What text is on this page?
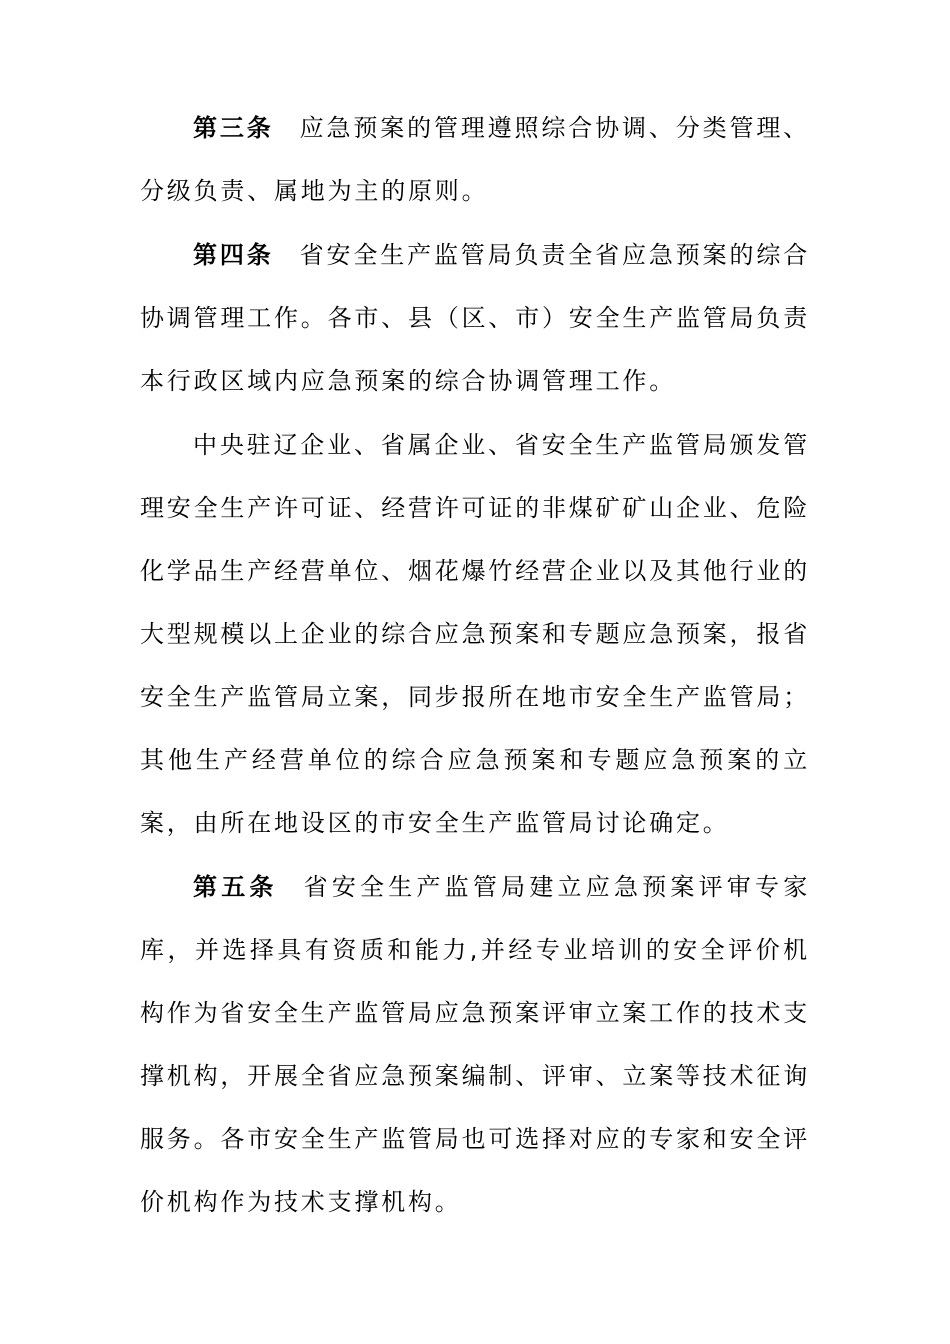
第三条 应急预案的管理遵照综合协调、分类管理、分级负责、属地为主的原则。

第四条 省安全生产监管局负责全省应急预案的综合协调管理工作。各市、县（区、市）安全生产监管局负责本行政区域内应急预案的综合协调管理工作。

中央驻辽企业、省属企业、省安全生产监管局颁发管理安全生产许可证、经营许可证的非煤矿矿山企业、危险化学品生产经营单位、烟花爆竹经营企业以及其他行业的大型规模以上企业的综合应急预案和专题应急预案，报省安全生产监管局立案，同步报所在地市安全生产监管局；其他生产经营单位的综合应急预案和专题应急预案的立案，由所在地设区的市安全生产监管局讨论确定。

第五条 省安全生产监管局建立应急预案评审专家库，并选择具有资质和能力,并经专业培训的安全评价机构作为省安全生产监管局应急预案评审立案工作的技术支撑机构，开展全省应急预案编制、评审、立案等技术征询服务。各市安全生产监管局也可选择对应的专家和安全评价机构作为技术支撑机构。
